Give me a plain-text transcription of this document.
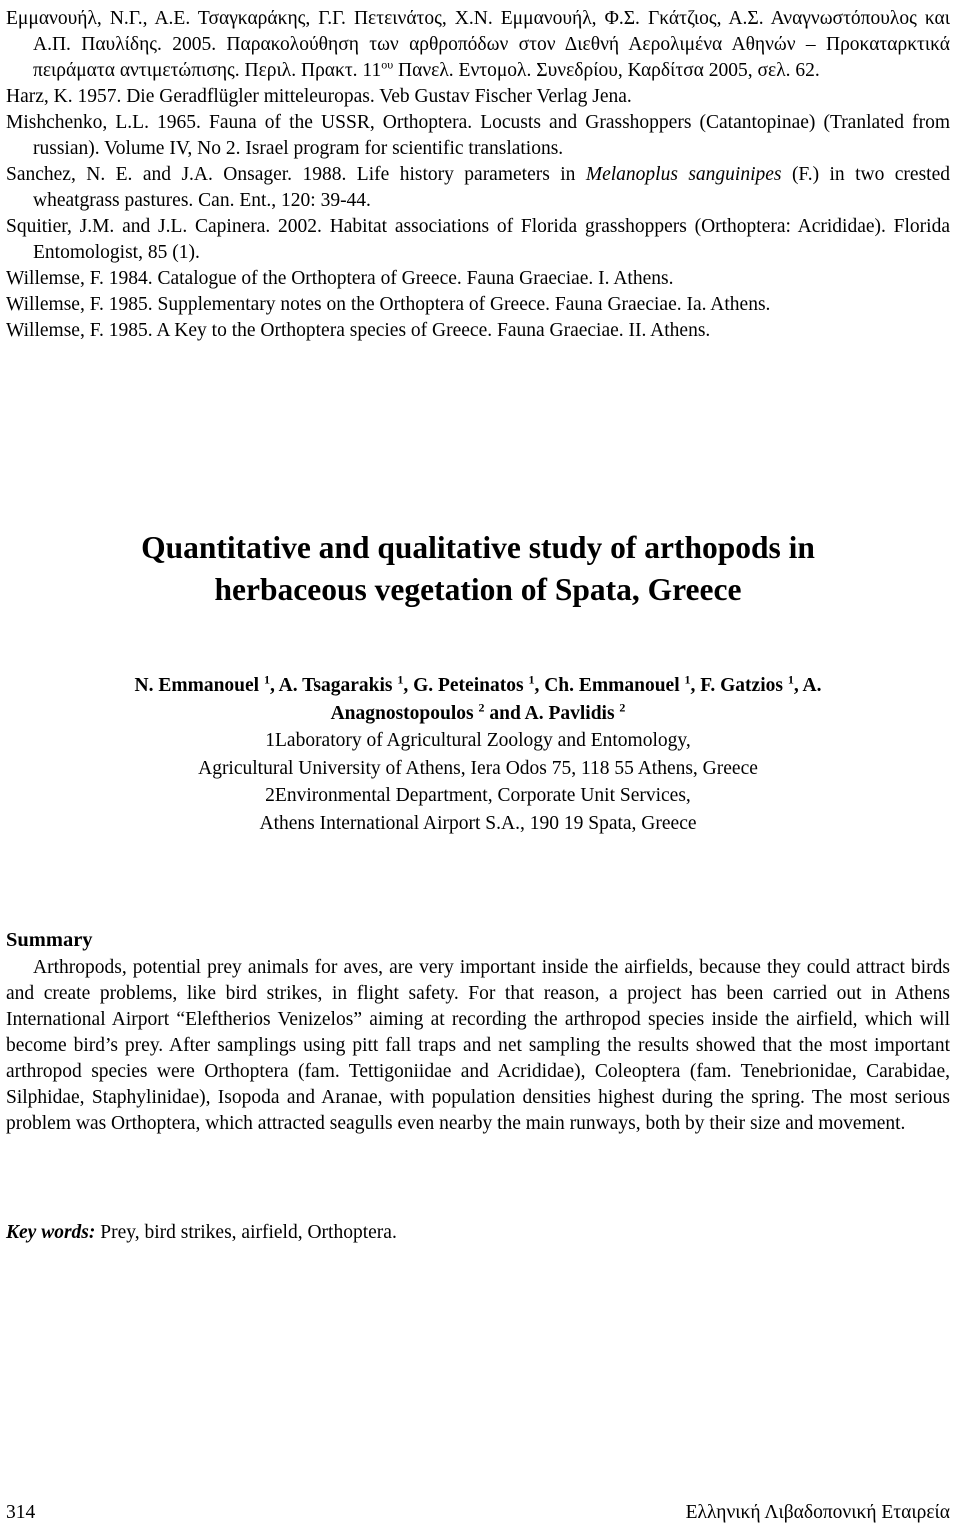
Εμμανουήλ, Ν.Γ., Α.Ε. Τσαγκαράκης, Γ.Γ. Πετεινάτος, Χ.Ν. Εμμανουήλ, Φ.Σ. Γκάτζιος, Α.Σ. Αναγνωστόπουλος και Α.Π. Παυλίδης. 2005. Παρακολούθηση των αρθροπόδων στον Διεθνή Αερολιμένα Αθηνών – Προκαταρκτικά πειράματα αντιμετώπισης. Περιλ. Πρακτ. $11^{o\upsilon}$ Πανελ. Εντομολ. Συνεδρίου, Καρδίτσα 2005, σελ. 62.

Harz, K. 1957. Die Geradflügler mitteleuropas. Veb Gustav Fischer Verlag Jena.

Mishchenko, L.L. 1965. Fauna of the USSR, Orthoptera. Locusts and Grasshoppers (Catantopinae) (Tranlated from russian). Volume IV, No 2. Israel program for scientific translations.

Sanchez, N. E. and J.A. Onsager. 1988. Life history parameters in Melanoplus sanguinipes (F.) in two crested wheatgrass pastures. Can. Ent., 120: 39-44.

Squitier, J.M. and J.L. Capinera. 2002. Habitat associations of Florida grasshoppers (Orthoptera: Acrididae). Florida Entomologist, 85 (1).

Willemse, F. 1984. Catalogue of the Orthoptera of Greece. Fauna Graeciae. I. Athens.

Willemse, F. 1985. Supplementary notes on the Orthoptera of Greece. Fauna Graeciae. Ia. Athens.

Willemse, F. 1985. A Key to the Orthoptera species of Greece. Fauna Graeciae. II. Athens.

Quantitative and qualitative study of arthopods in
herbaceous vegetation of Spata, Greece
N. Emmanouel $^1$, A. Tsagarakis $^1$, G. Peteinatos $^1$, Ch. Emmanouel $^1$, F. Gatzios $^1$, A.
Anagnostopoulos $^2$ and A. Pavlidis $^2$
1Laboratory of Agricultural Zoology and Entomology,
Agricultural University of Athens, Iera Odos 75, 118 55 Athens, Greece
2Environmental Department, Corporate Unit Services,
Athens International Airport S.A., 190 19 Spata, Greece
Summary

Arthropods, potential prey animals for aves, are very important inside the airfields, because they could attract birds and create problems, like bird strikes, in flight safety. For that reason, a project has been carried out in Athens International Airport “Eleftherios Venizelos” aiming at recording the arthropod species inside the airfield, which will become bird’s prey. After samplings using pitt fall traps and net sampling the results showed that the most important arthropod species were Orthoptera (fam. Tettigoniidae and Acrididae), Coleoptera (fam. Tenebrionidae, Carabidae, Silphidae, Staphylinidae), Isopoda and Aranae, with population densities highest during the spring. The most serious problem was Orthoptera, which attracted seagulls even nearby the main runways, both by their size and movement.

Key words: Prey, bird strikes, airfield, Orthoptera.
314	Ελληνική Λιβαδοπονική Εταιρεία
